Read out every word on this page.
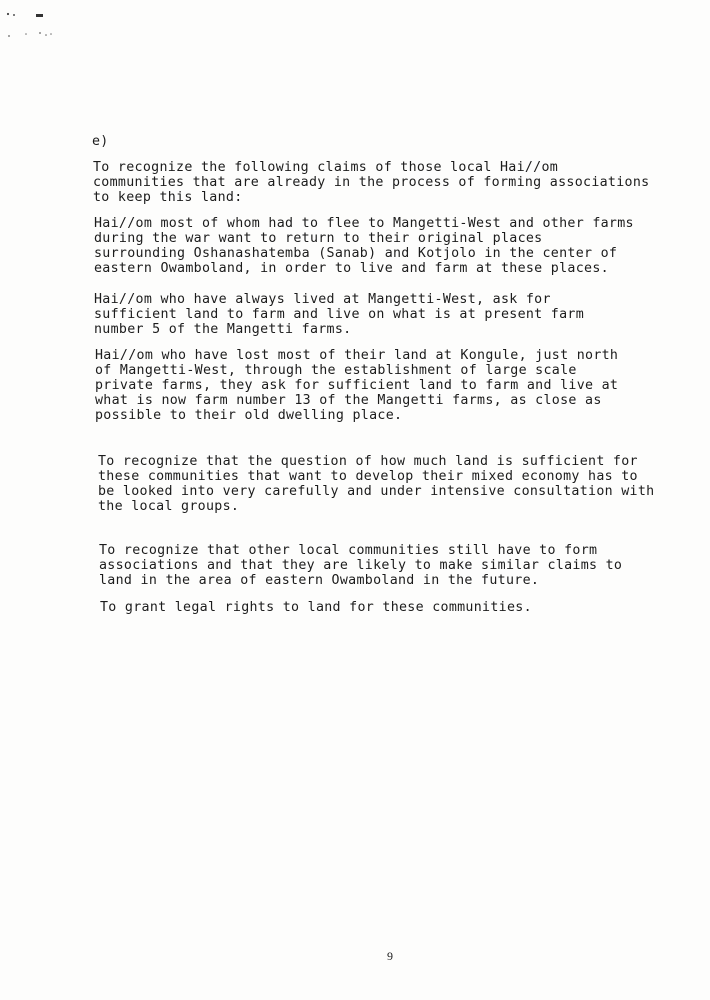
e)
To recognize the following claims of those local Hai//om
communities that are already in the process of forming associations
to keep this land:
Hai//om most of whom had to flee to Mangetti-West and other farms
during the war want to return to their original places
surrounding Oshanashatemba (Sanab) and Kotjolo in the center of
eastern Owamboland, in order to live and farm at these places.
Hai//om who have always lived at Mangetti-West, ask for
sufficient land to farm and live on what is at present farm
number 5 of the Mangetti farms.
Hai//om who have lost most of their land at Kongule, just north
of Mangetti-West, through the establishment of large scale
private farms, they ask for sufficient land to farm and live at
what is now farm number 13 of the Mangetti farms, as close as
possible to their old dwelling place.
To recognize that the question of how much land is sufficient for
these communities that want to develop their mixed economy has to
be looked into very carefully and under intensive consultation with
the local groups.
To recognize that other local communities still have to form
associations and that they are likely to make similar claims to
land in the area of eastern Owamboland in the future.
To grant legal rights to land for these communities.
9
